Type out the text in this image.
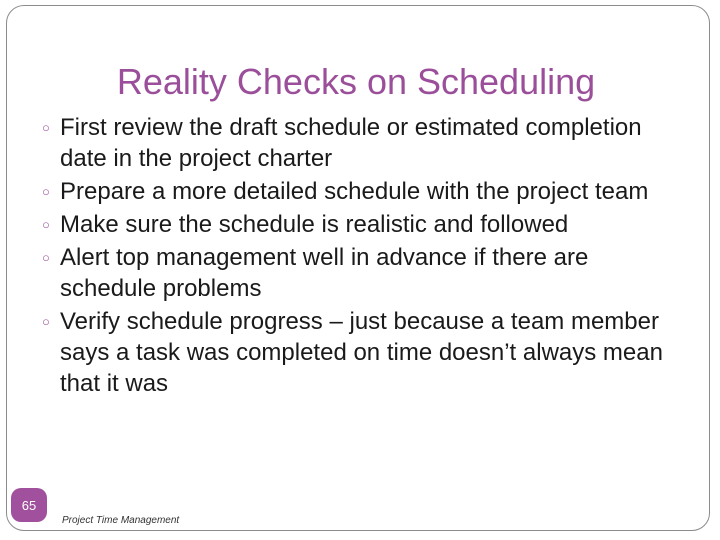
Reality Checks on Scheduling
○ First review the draft schedule or estimated completion date in the project charter
○ Prepare a more detailed schedule with the project team
○ Make sure the schedule is realistic and followed
○ Alert top management well in advance if there are schedule problems
○ Verify schedule progress – just because a team member says a task was completed on time doesn’t always mean that it was
65
Project Time Management
